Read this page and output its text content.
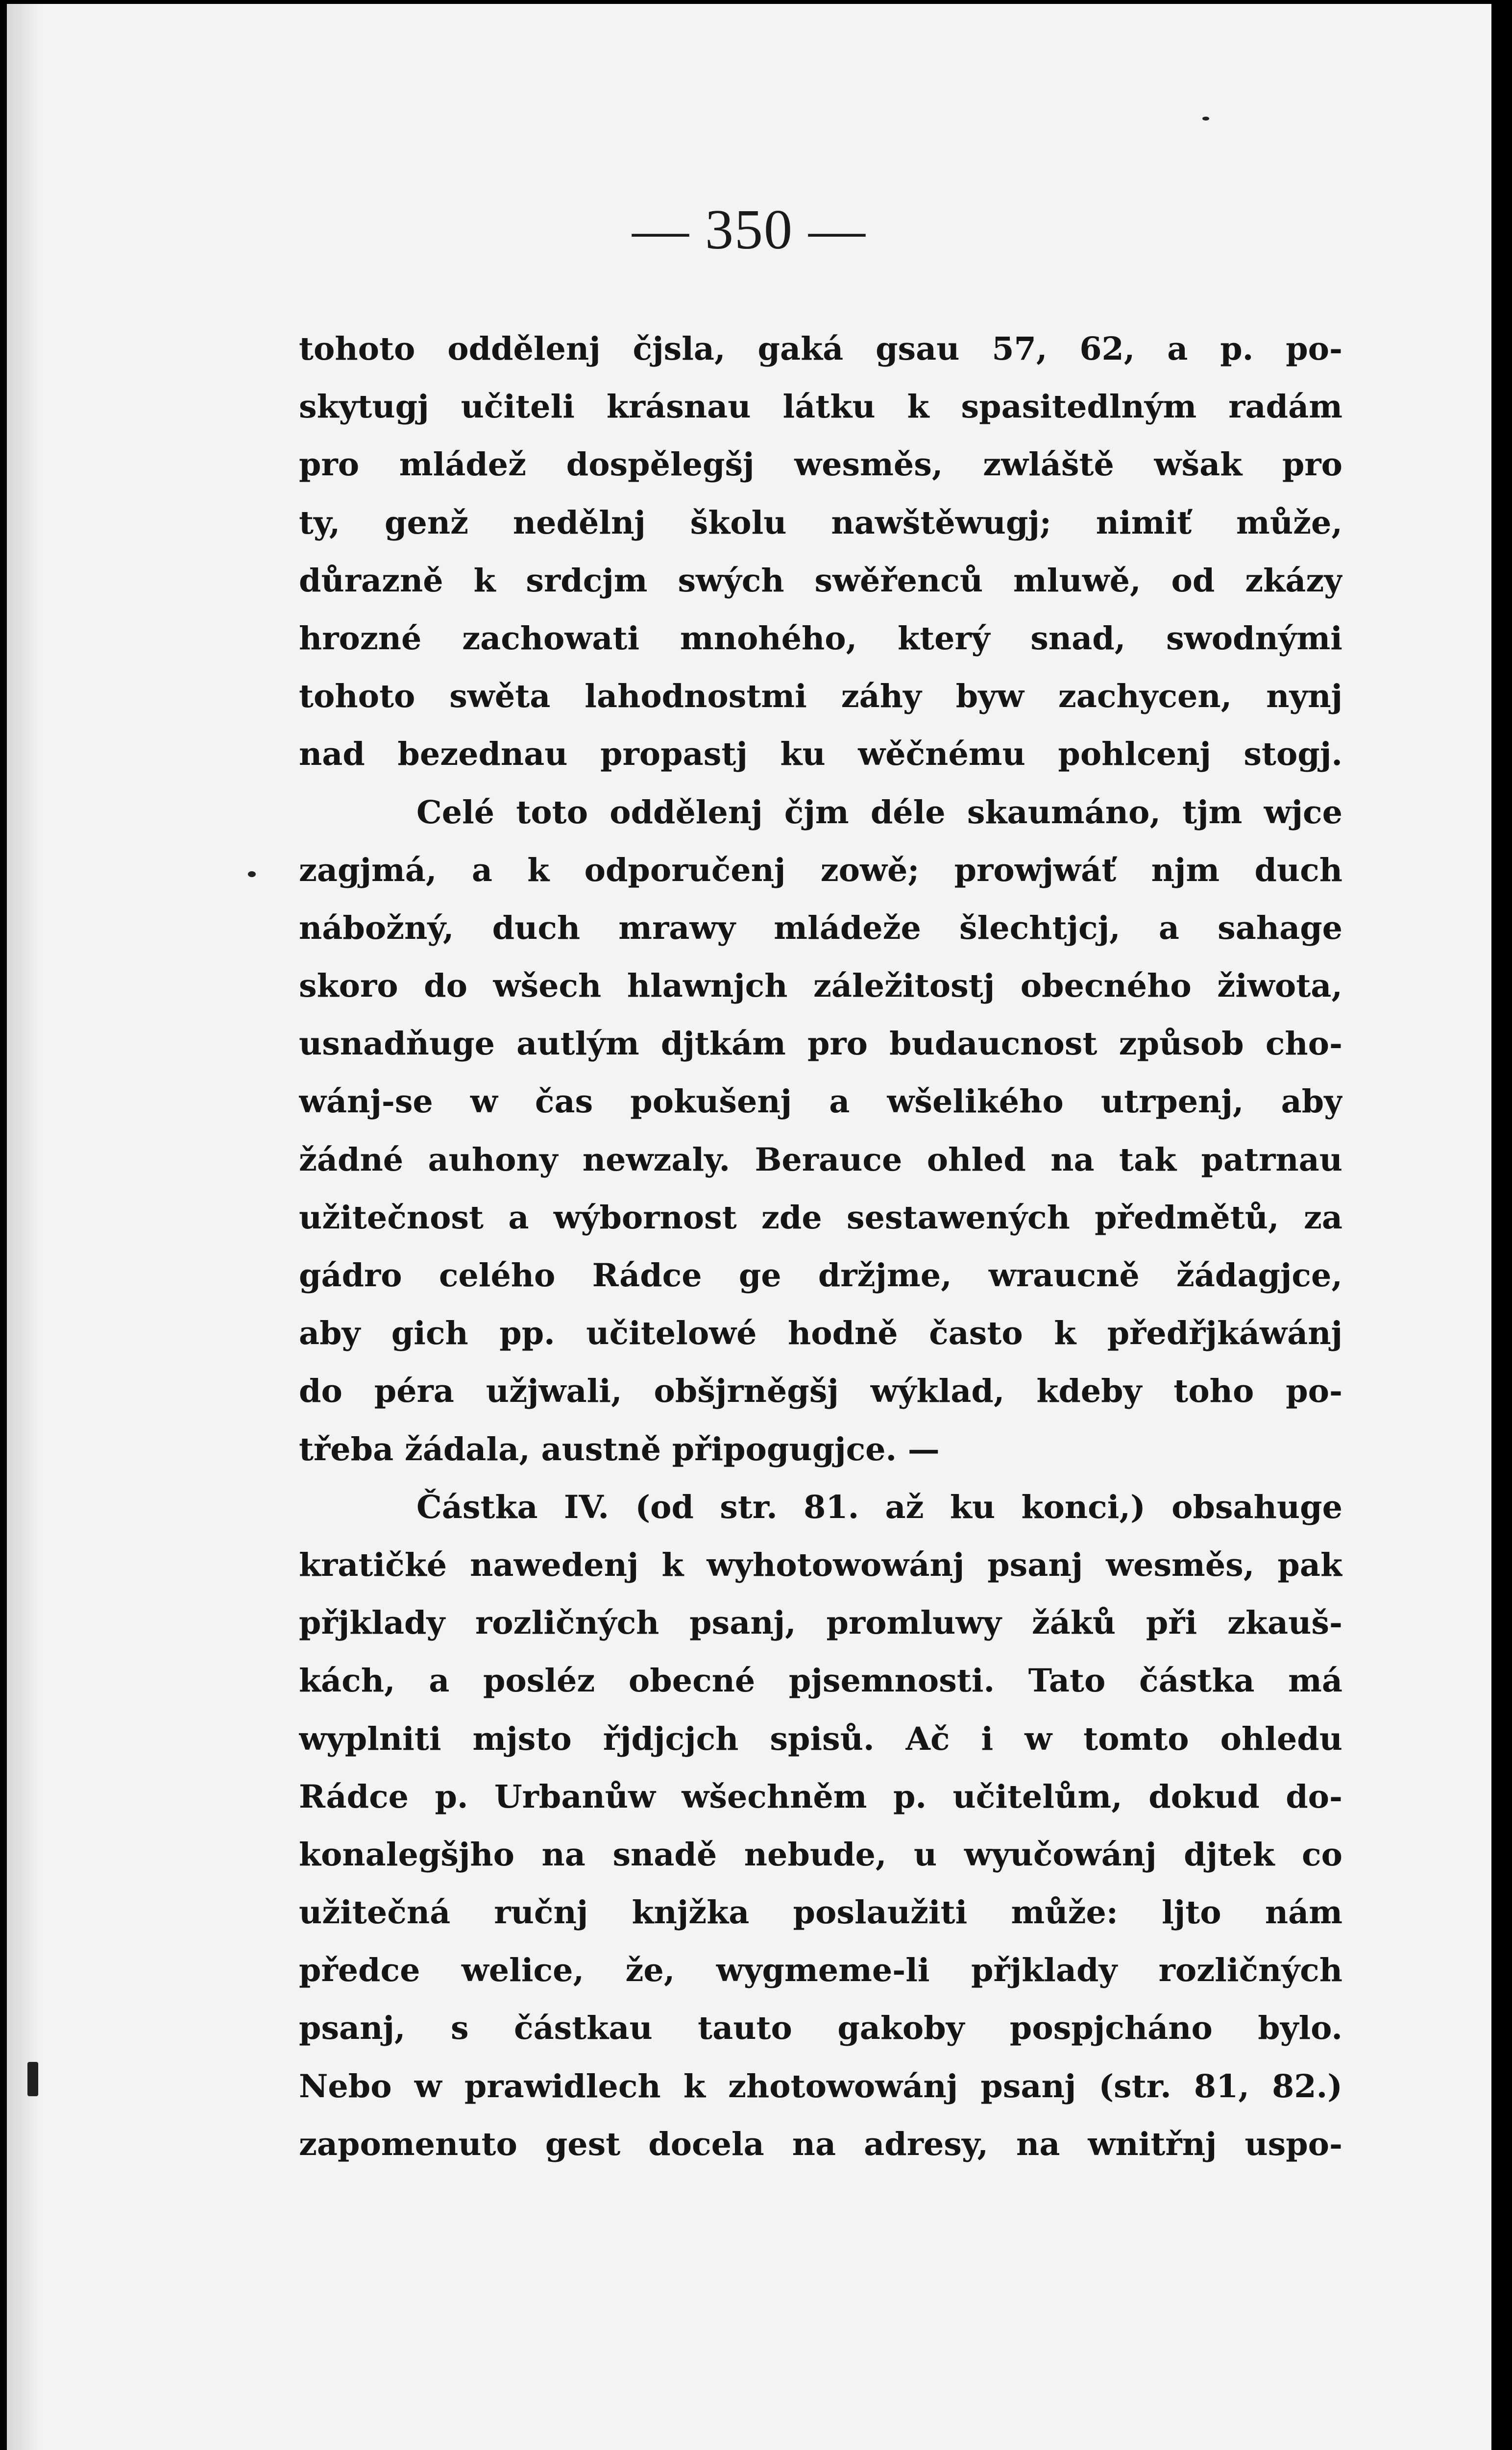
— 350 —
tohoto oddělenj čjsla, gaká gsau 57, 62, a p. po-
skytugj učiteli krásnau látku k spasitedlným radám
pro mládež dospělegšj wesměs, zwláště wšak pro
ty, genž nedělnj školu nawštěwugj; nimiť může,
důrazně k srdcjm swých swěřenců mluwě, od zkázy
hrozné zachowati mnohého, který snad, swodnými
tohoto swěta lahodnostmi záhy byw zachycen, nynj
nad bezednau propastj ku wěčnému pohlcenj stogj.
Celé toto oddělenj čjm déle skaumáno, tjm wjce
zagjmá, a k odporučenj zowě; prowjwáť njm duch
nábožný, duch mrawy mládeže šlechtjcj, a sahage
skoro do wšech hlawnjch záležitostj obecného žiwota,
usnadňuge autlým djtkám pro budaucnost způsob cho-
wánj-se w čas pokušenj a wšelikého utrpenj, aby
žádné auhony newzaly. Berauce ohled na tak patrnau
užitečnost a wýbornost zde sestawených předmětů, za
gádro celého Rádce ge držjme, wraucně žádagjce,
aby gich pp. učitelowé hodně často k předřjkáwánj
do péra užjwali, obšjrněgšj wýklad, kdeby toho po-
třeba žádala, austně připogugjce. —
Částka IV. (od str. 81. až ku konci,) obsahuge
kratičké nawedenj k wyhotowowánj psanj wesměs, pak
přjklady rozličných psanj, promluwy žáků při zkauš-
kách, a posléz obecné pjsemnosti. Tato částka má
wyplniti mjsto řjdjcjch spisů. Ač i w tomto ohledu
Rádce p. Urbanůw wšechněm p. učitelům, dokud do-
konalegšjho na snadě nebude, u wyučowánj djtek co
užitečná ručnj knjžka poslaužiti může: ljto nám
předce welice, že, wygmeme-li přjklady rozličných
psanj, s částkau tauto gakoby pospjcháno bylo.
Nebo w prawidlech k zhotowowánj psanj (str. 81, 82.)
zapomenuto gest docela na adresy, na wnitřnj uspo-
